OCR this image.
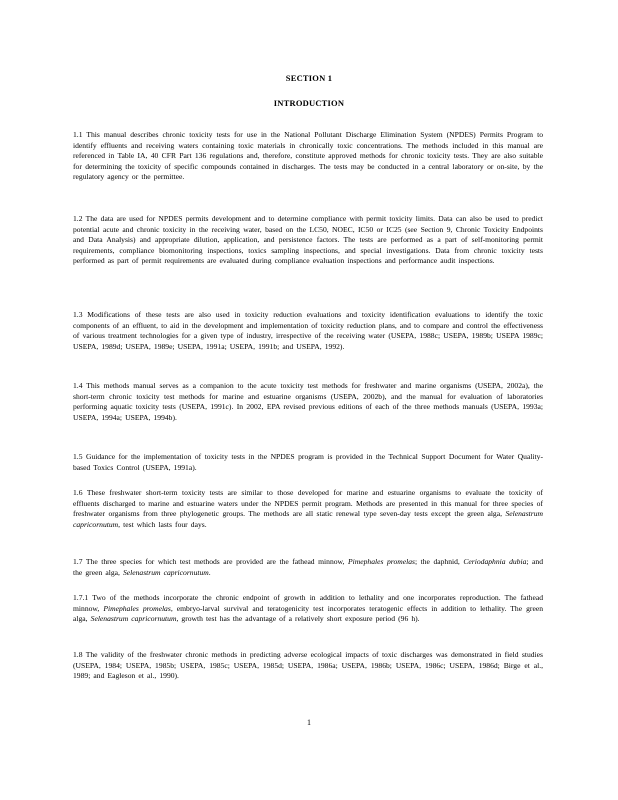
SECTION 1
INTRODUCTION
1.1 This manual describes chronic toxicity tests for use in the National Pollutant Discharge Elimination System (NPDES) Permits Program to identify effluents and receiving waters containing toxic materials in chronically toxic concentrations. The methods included in this manual are referenced in Table IA, 40 CFR Part 136 regulations and, therefore, constitute approved methods for chronic toxicity tests. They are also suitable for determining the toxicity of specific compounds contained in discharges. The tests may be conducted in a central laboratory or on-site, by the regulatory agency or the permittee.
1.2 The data are used for NPDES permits development and to determine compliance with permit toxicity limits. Data can also be used to predict potential acute and chronic toxicity in the receiving water, based on the LC50, NOEC, IC50 or IC25 (see Section 9, Chronic Toxicity Endpoints and Data Analysis) and appropriate dilution, application, and persistence factors. The tests are performed as a part of self-monitoring permit requirements, compliance biomonitoring inspections, toxics sampling inspections, and special investigations. Data from chronic toxicity tests performed as part of permit requirements are evaluated during compliance evaluation inspections and performance audit inspections.
1.3 Modifications of these tests are also used in toxicity reduction evaluations and toxicity identification evaluations to identify the toxic components of an effluent, to aid in the development and implementation of toxicity reduction plans, and to compare and control the effectiveness of various treatment technologies for a given type of industry, irrespective of the receiving water (USEPA, 1988c; USEPA, 1989b; USEPA 1989c; USEPA, 1989d; USEPA, 1989e; USEPA, 1991a; USEPA, 1991b; and USEPA, 1992).
1.4 This methods manual serves as a companion to the acute toxicity test methods for freshwater and marine organisms (USEPA, 2002a), the short-term chronic toxicity test methods for marine and estuarine organisms (USEPA, 2002b), and the manual for evaluation of laboratories performing aquatic toxicity tests (USEPA, 1991c). In 2002, EPA revised previous editions of each of the three methods manuals (USEPA, 1993a; USEPA, 1994a; USEPA, 1994b).
1.5 Guidance for the implementation of toxicity tests in the NPDES program is provided in the Technical Support Document for Water Quality-based Toxics Control (USEPA, 1991a).
1.6 These freshwater short-term toxicity tests are similar to those developed for marine and estuarine organisms to evaluate the toxicity of effluents discharged to marine and estuarine waters under the NPDES permit program. Methods are presented in this manual for three species of freshwater organisms from three phylogenetic groups. The methods are all static renewal type seven-day tests except the green alga, Selenastrum capricornutum, test which lasts four days.
1.7 The three species for which test methods are provided are the fathead minnow, Pimephales promelas; the daphnid, Ceriodaphnia dubia; and the green alga, Selenastrum capricornutum.
1.7.1 Two of the methods incorporate the chronic endpoint of growth in addition to lethality and one incorporates reproduction. The fathead minnow, Pimephales promelas, embryo-larval survival and teratogenicity test incorporates teratogenic effects in addition to lethality. The green alga, Selenastrum capricornutum, growth test has the advantage of a relatively short exposure period (96 h).
1.8 The validity of the freshwater chronic methods in predicting adverse ecological impacts of toxic discharges was demonstrated in field studies (USEPA, 1984; USEPA, 1985b; USEPA, 1985c; USEPA, 1985d; USEPA, 1986a; USEPA, 1986b; USEPA, 1986c; USEPA, 1986d; Birge et al., 1989; and Eagleson et al., 1990).
1
